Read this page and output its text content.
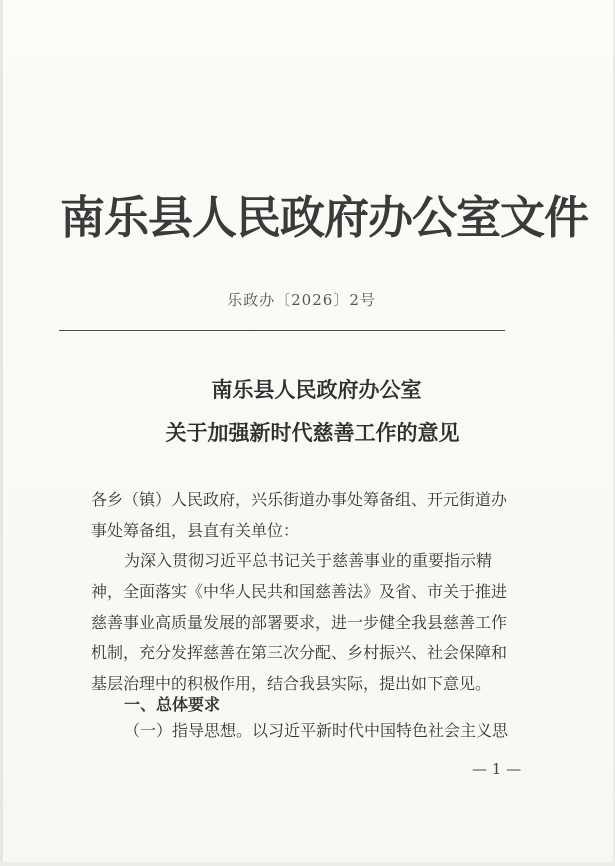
南乐县人民政府办公室文件
乐政办〔2026〕2号
南乐县人民政府办公室
关于加强新时代慈善工作的意见
各乡（镇）人民政府，兴乐街道办事处筹备组、开元街道办
事处筹备组，县直有关单位：
为深入贯彻习近平总书记关于慈善事业的重要指示精
神，全面落实《中华人民共和国慈善法》及省、市关于推进
慈善事业高质量发展的部署要求，进一步健全我县慈善工作
机制，充分发挥慈善在第三次分配、乡村振兴、社会保障和
基层治理中的积极作用，结合我县实际，提出如下意见。
一、总体要求
（一）指导思想。以习近平新时代中国特色社会主义思
— 1 —
